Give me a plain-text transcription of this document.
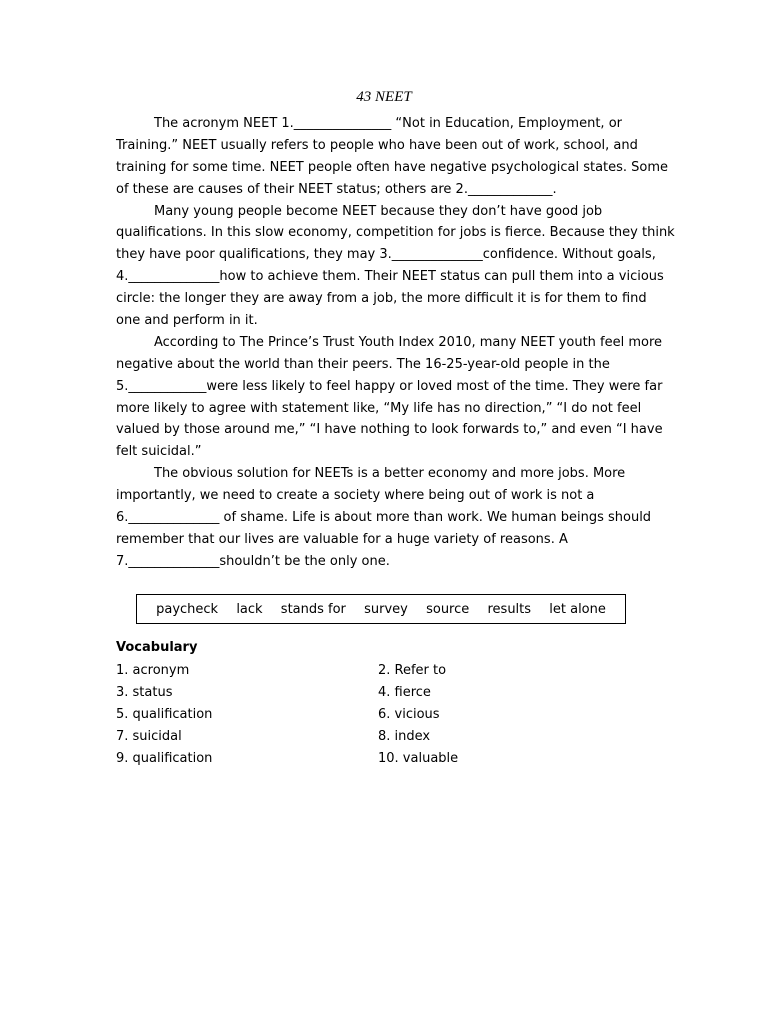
43 NEET
The acronym NEET 1._______________ “Not in Education, Employment, or
Training.” NEET usually refers to people who have been out of work, school, and
training for some time. NEET people often have negative psychological states. Some
of these are causes of their NEET status; others are 2._____________.
Many young people become NEET because they don’t have good job
qualifications. In this slow economy, competition for jobs is fierce. Because they think
they have poor qualifications, they may 3.______________confidence. Without goals,
4.______________how to achieve them. Their NEET status can pull them into a vicious
circle: the longer they are away from a job, the more difficult it is for them to find
one and perform in it.
According to The Prince’s Trust Youth Index 2010, many NEET youth feel more
negative about the world than their peers. The 16-25-year-old people in the
5.____________were less likely to feel happy or loved most of the time. They were far
more likely to agree with statement like, “My life has no direction,” “I do not feel
valued by those around me,” “I have nothing to look forwards to,” and even “I have
felt suicidal.”
The obvious solution for NEETs is a better economy and more jobs. More
importantly, we need to create a society where being out of work is not a
6.______________ of shame. Life is about more than work. We human beings should
remember that our lives are valuable for a huge variety of reasons. A
7.______________shouldn’t be the only one.
paycheck lack stands for survey source results let alone
Vocabulary
1. acronym	2. Refer to
3. status	4. fierce
5. qualification	6. vicious
7. suicidal	8. index
9. qualification	10. valuable
